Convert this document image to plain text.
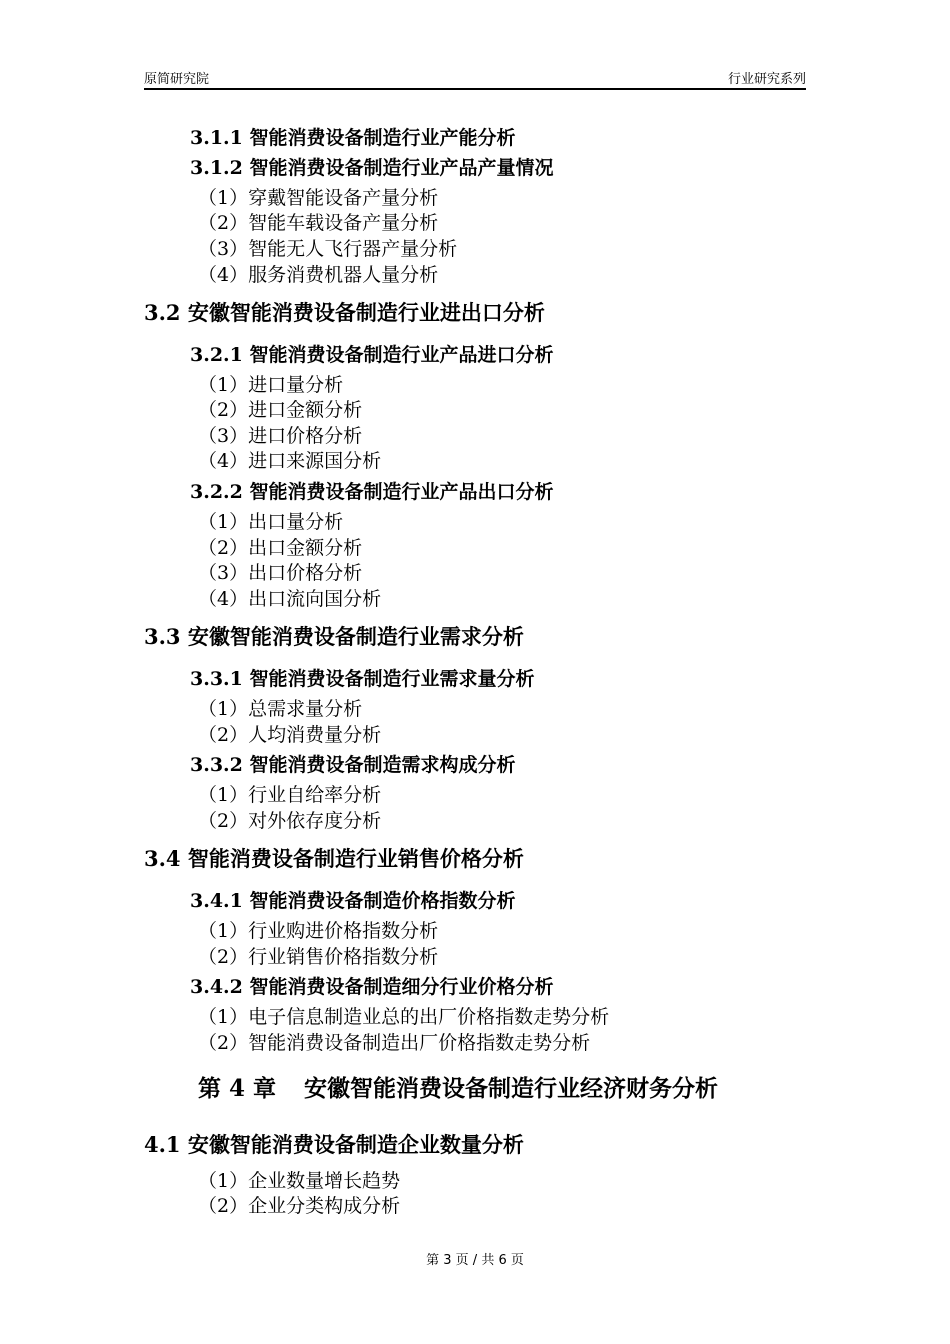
原简研究院	行业研究系列
3.1.1 智能消费设备制造行业产能分析
3.1.2 智能消费设备制造行业产品产量情况
（1）穿戴智能设备产量分析
（2）智能车载设备产量分析
（3）智能无人飞行器产量分析
（4）服务消费机器人量分析
3.2 安徽智能消费设备制造行业进出口分析
3.2.1 智能消费设备制造行业产品进口分析
（1）进口量分析
（2）进口金额分析
（3）进口价格分析
（4）进口来源国分析
3.2.2 智能消费设备制造行业产品出口分析
（1）出口量分析
（2）出口金额分析
（3）出口价格分析
（4）出口流向国分析
3.3 安徽智能消费设备制造行业需求分析
3.3.1 智能消费设备制造行业需求量分析
（1）总需求量分析
（2）人均消费量分析
3.3.2 智能消费设备制造需求构成分析
（1）行业自给率分析
（2）对外依存度分析
3.4 智能消费设备制造行业销售价格分析
3.4.1 智能消费设备制造价格指数分析
（1）行业购进价格指数分析
（2）行业销售价格指数分析
3.4.2 智能消费设备制造细分行业价格分析
（1）电子信息制造业总的出厂价格指数走势分析
（2）智能消费设备制造出厂价格指数走势分析
第 4 章 安徽智能消费设备制造行业经济财务分析
4.1 安徽智能消费设备制造企业数量分析
（1）企业数量增长趋势
（2）企业分类构成分析
第 3 页 / 共 6 页
